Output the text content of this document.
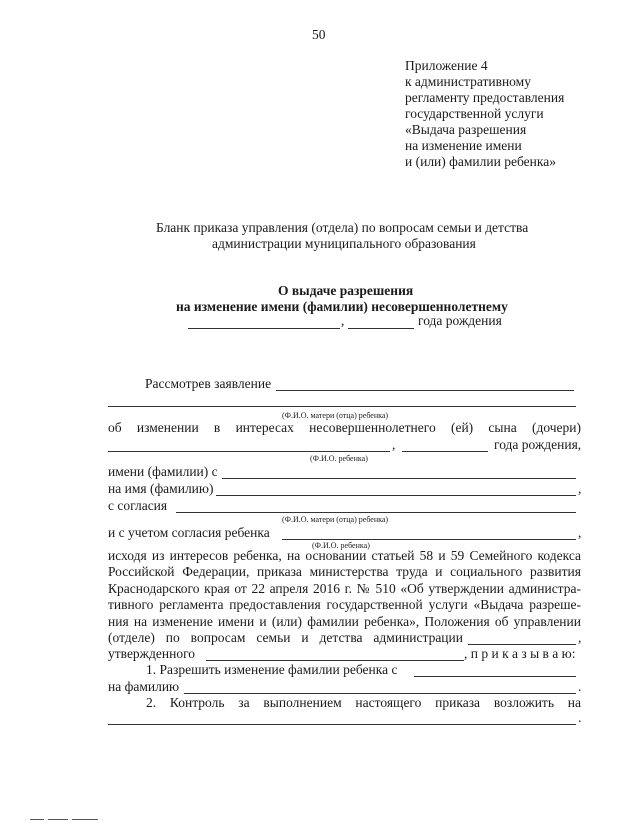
50
Приложение 4
к административному
регламенту предоставления
государственной услуги
«Выдача разрешения
на изменение имени
и (или) фамилии ребенка»
Бланк приказа управления (отдела) по вопросам семьи и детства
администрации муниципального образования
О выдаче разрешения
на изменение имени (фамилии) несовершеннолетнему
,	года рождения
Рассмотрев заявление
(Ф.И.О. матери (отца) ребенка)
об изменении в интересах несовершеннолетнего (ей) сына (дочери)
,	года рождения,
(Ф.И.О. ребенка)
имени (фамилии) с
на имя (фамилию)	,
с согласия
(Ф.И.О. матери (отца) ребенка)
и с учетом согласия ребенка	,
(Ф.И.О. ребенка)
исходя из интересов ребенка, на основании статьей 58 и 59 Семейного кодекса
Российской Федерации, приказа министерства труда и социального развития
Краснодарского края от 22 апреля 2016 г. № 510 «Об утверждении администра-
тивного регламента предоставления государственной услуги «Выдача разреше-
ния на изменение имени и (или) фамилии ребенка», Положения об управлении
(отделе) по вопросам семьи и детства администрации	,
утвержденного	, п р и к а з ы в а ю:
1. Разрешить изменение фамилии ребенка с
на фамилию	.
2. Контроль за выполнением настоящего приказа возложить на
.
